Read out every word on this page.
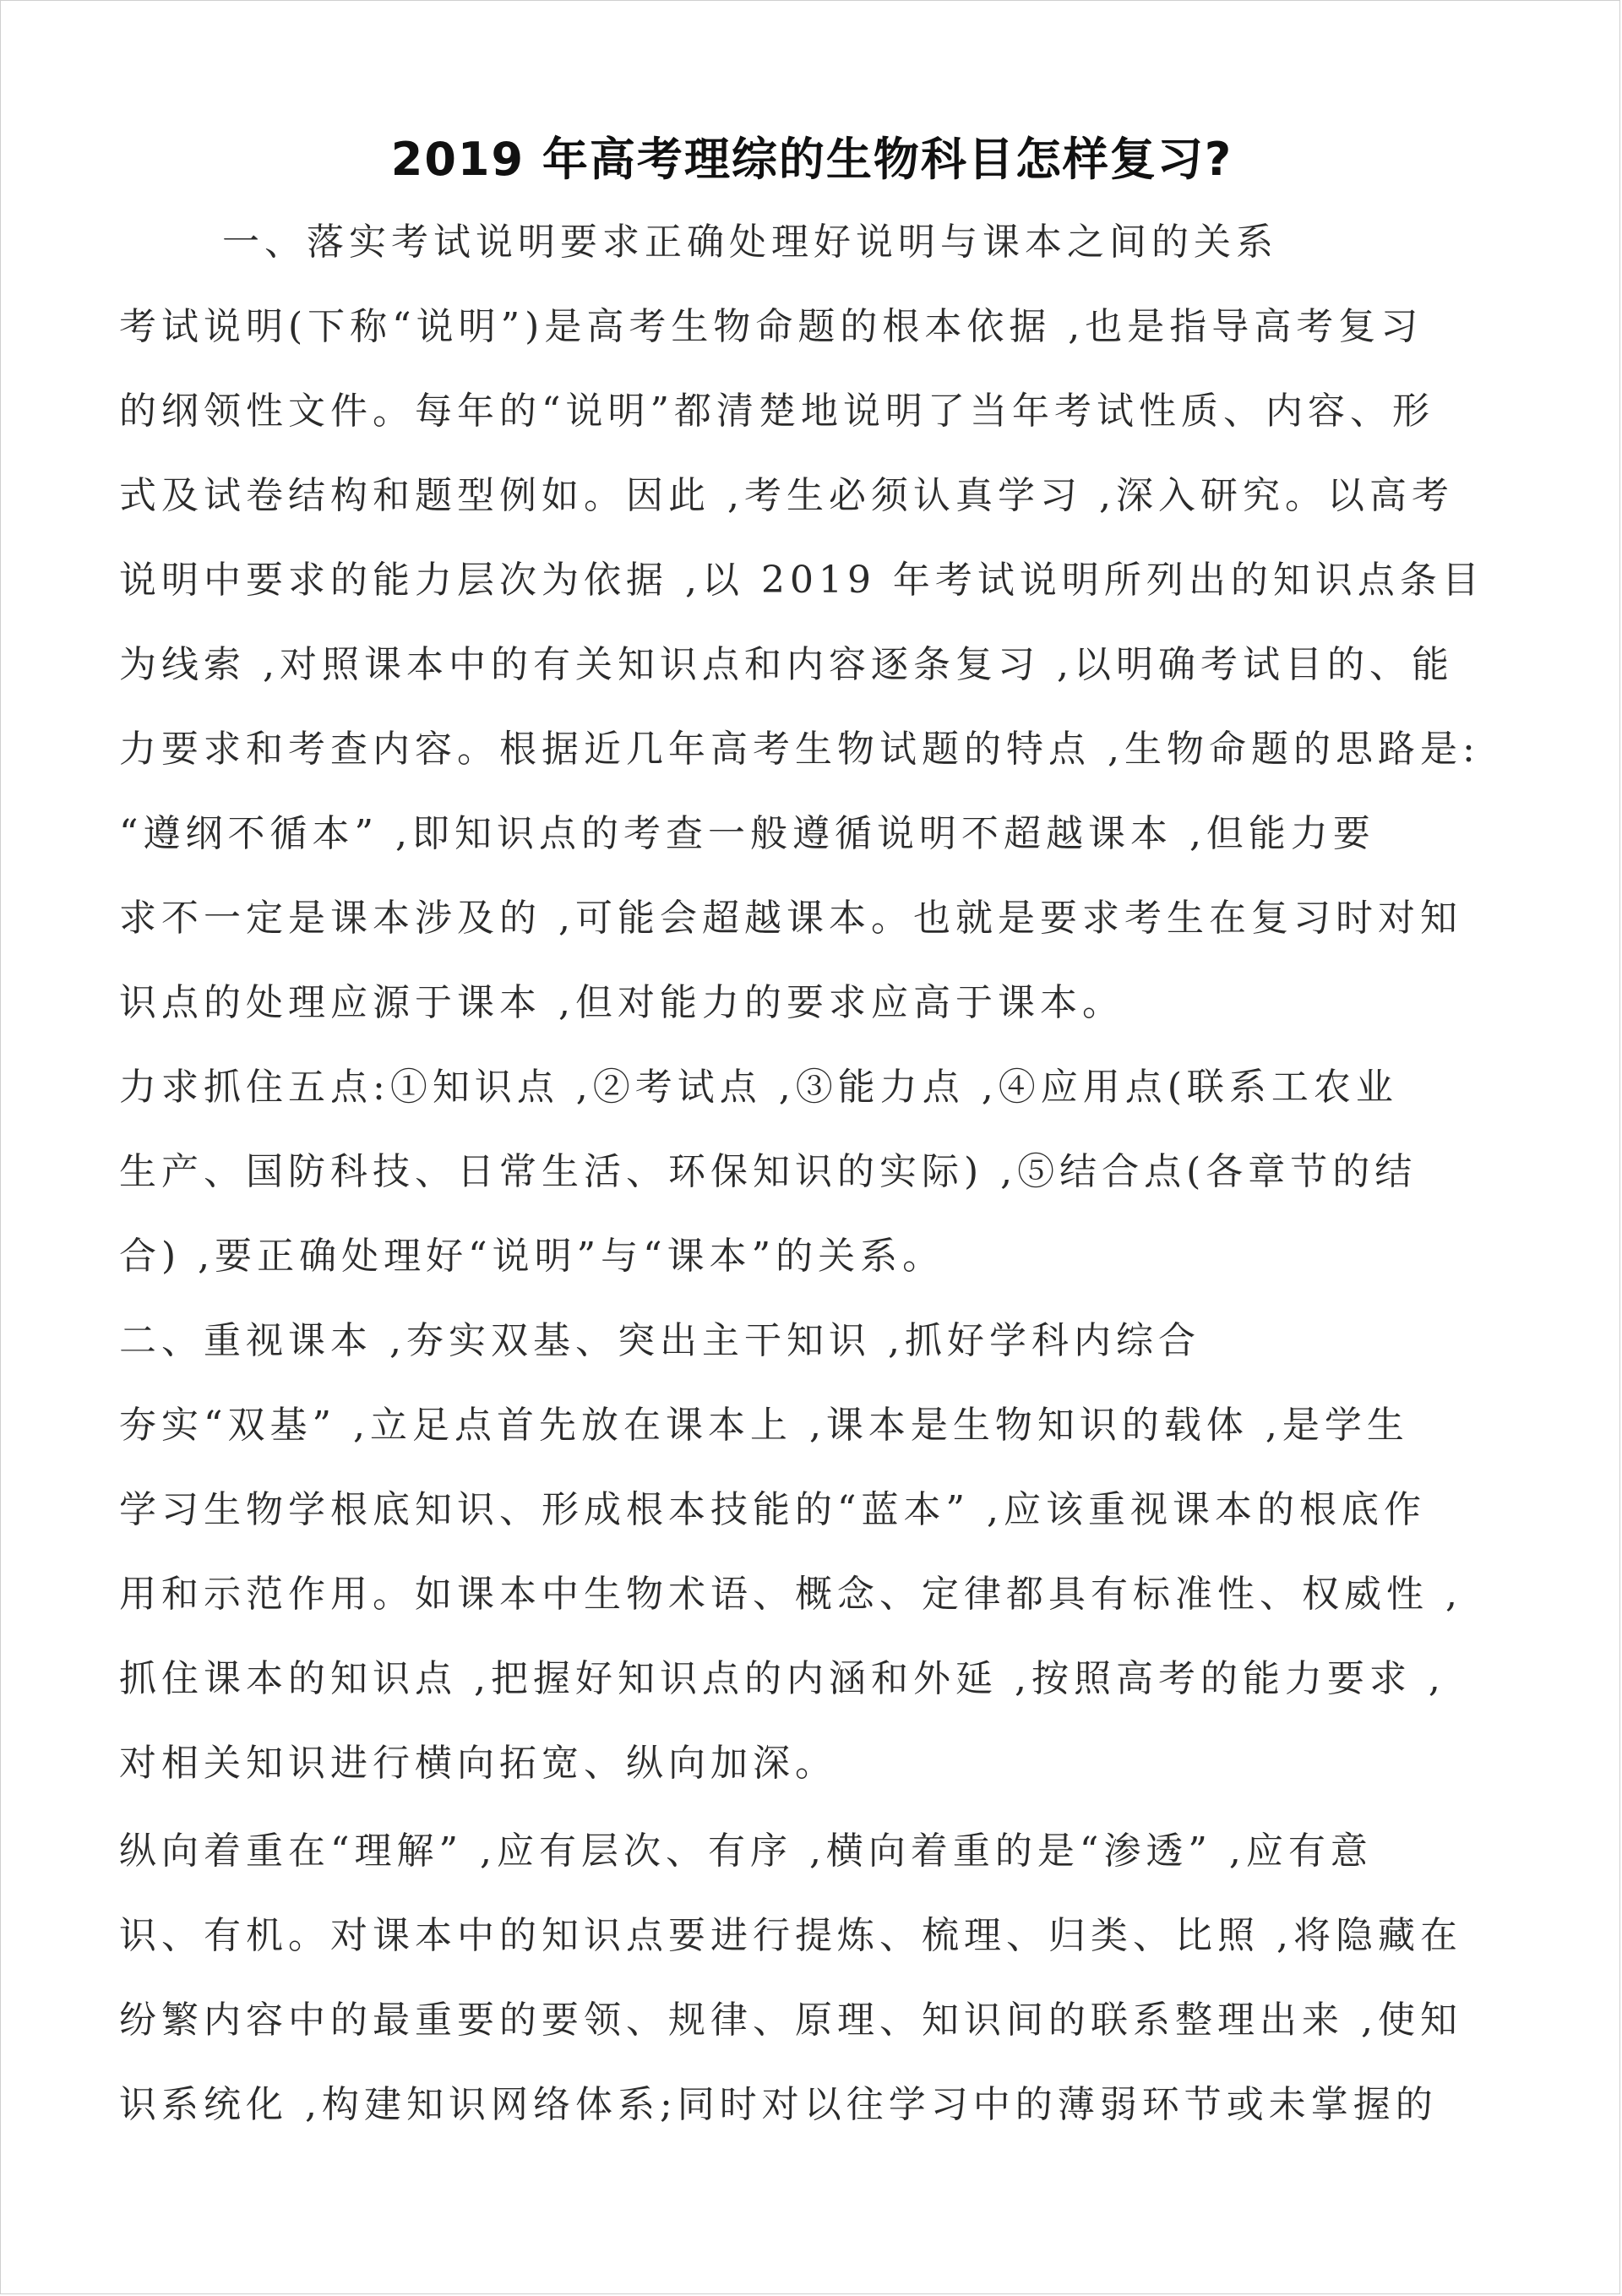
2019 年高考理综的生物科目怎样复习?
一、落实考试说明要求正确处理好说明与课本之间的关系
考试说明(下称“说明”)是高考生物命题的根本依据 ,也是指导高考复习
的纲领性文件。每年的“说明”都清楚地说明了当年考试性质、内容、形
式及试卷结构和题型例如。因此 ,考生必须认真学习 ,深入研究。以高考
说明中要求的能力层次为依据 ,以 2019 年考试说明所列出的知识点条目
为线索 ,对照课本中的有关知识点和内容逐条复习 ,以明确考试目的、能
力要求和考查内容。根据近几年高考生物试题的特点 ,生物命题的思路是:
“遵纲不循本” ,即知识点的考查一般遵循说明不超越课本 ,但能力要
求不一定是课本涉及的 ,可能会超越课本。也就是要求考生在复习时对知
识点的处理应源于课本 ,但对能力的要求应高于课本。
力求抓住五点:①知识点 ,②考试点 ,③能力点 ,④应用点(联系工农业
生产、国防科技、日常生活、环保知识的实际) ,⑤结合点(各章节的结
合) ,要正确处理好“说明”与“课本”的关系。
二、重视课本 ,夯实双基、突出主干知识 ,抓好学科内综合
夯实“双基” ,立足点首先放在课本上 ,课本是生物知识的载体 ,是学生
学习生物学根底知识、形成根本技能的“蓝本” ,应该重视课本的根底作
用和示范作用。如课本中生物术语、概念、定律都具有标准性、权威性 ,
抓住课本的知识点 ,把握好知识点的内涵和外延 ,按照高考的能力要求 ,
对相关知识进行横向拓宽、纵向加深。
纵向着重在“理解” ,应有层次、有序 ,横向着重的是“渗透” ,应有意
识、有机。对课本中的知识点要进行提炼、梳理、归类、比照 ,将隐藏在
纷繁内容中的最重要的要领、规律、原理、知识间的联系整理出来 ,使知
识系统化 ,构建知识网络体系;同时对以往学习中的薄弱环节或未掌握的
